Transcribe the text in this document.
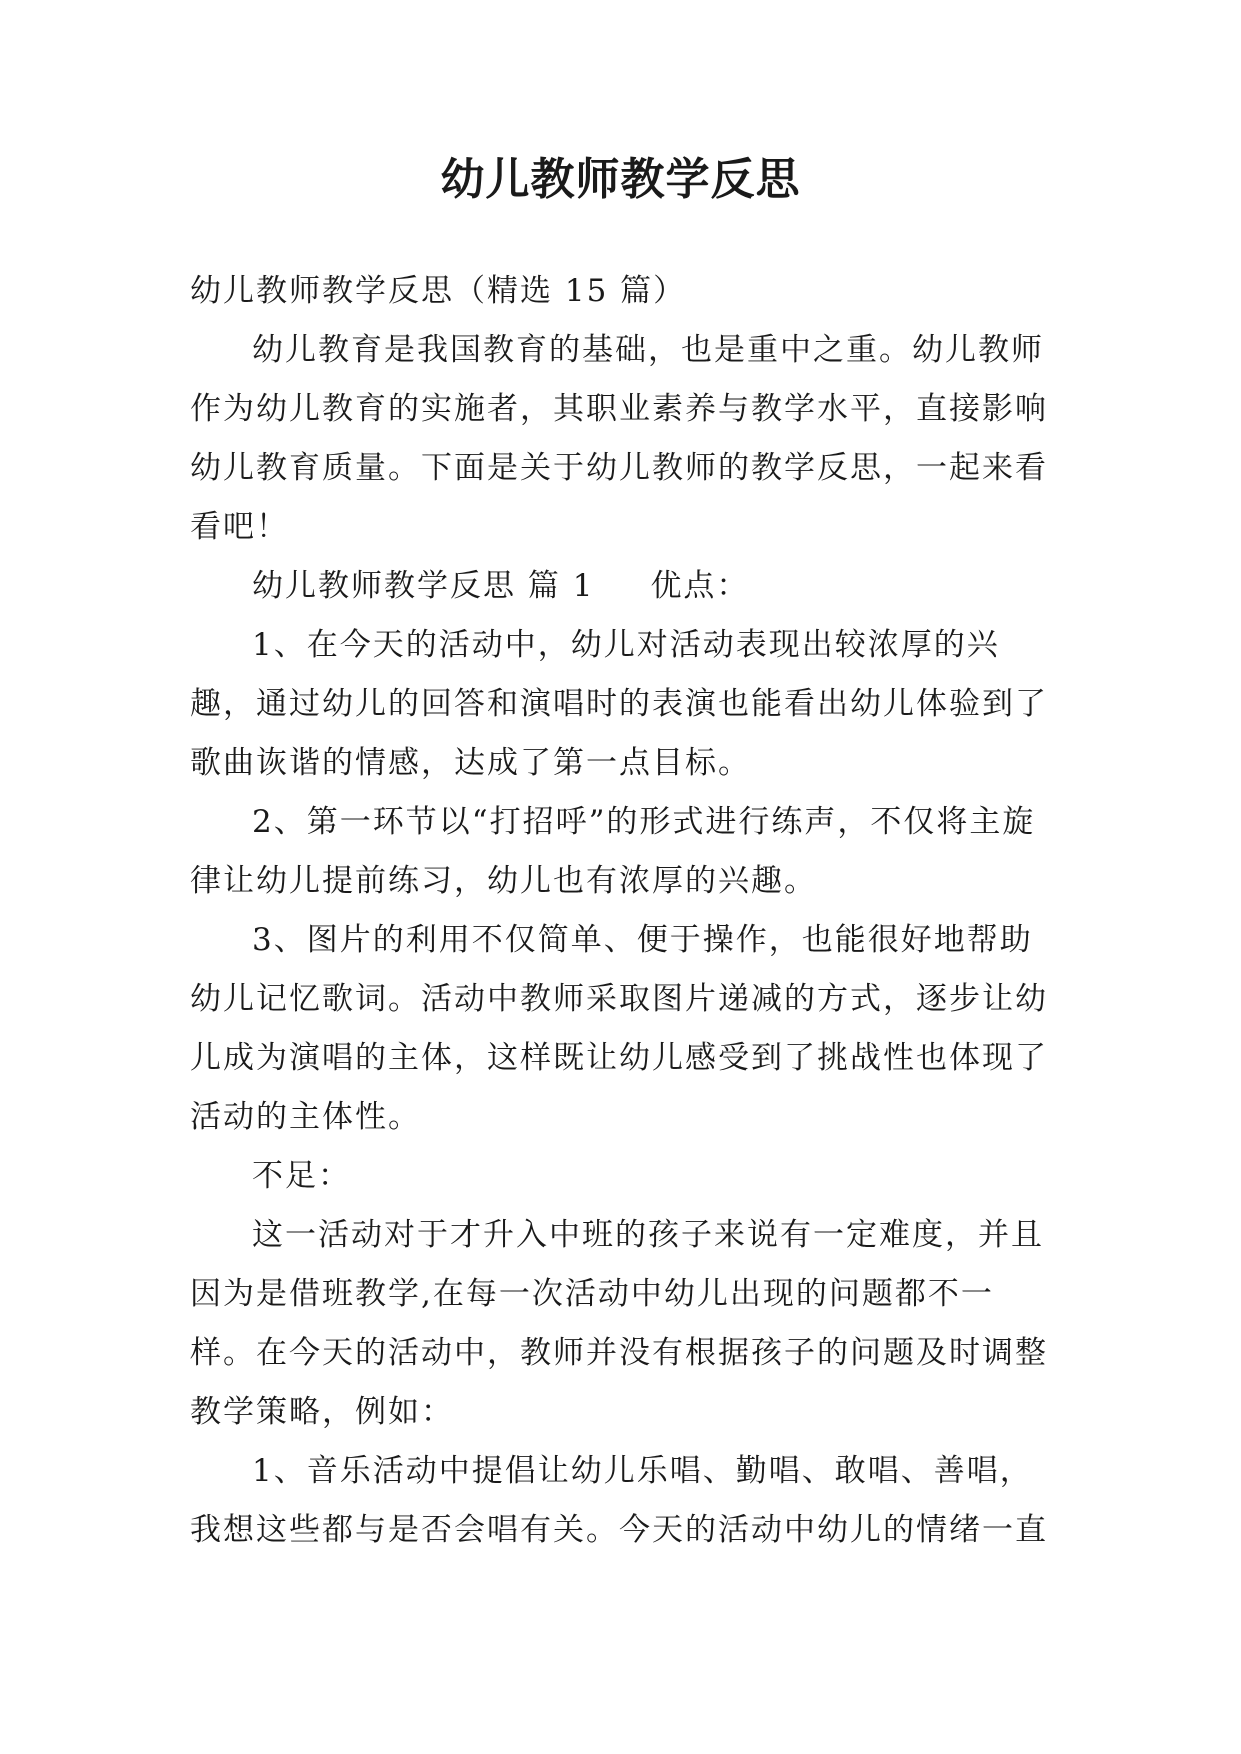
幼儿教师教学反思

幼儿教师教学反思（精选 15 篇）

幼儿教育是我国教育的基础，也是重中之重。幼儿教师作为幼儿教育的实施者，其职业素养与教学水平，直接影响幼儿教育质量。下面是关于幼儿教师的教学反思，一起来看看吧！

幼儿教师教学反思 篇 1 优点：

1、在今天的活动中，幼儿对活动表现出较浓厚的兴趣，通过幼儿的回答和演唱时的表演也能看出幼儿体验到了歌曲诙谐的情感，达成了第一点目标。

2、第一环节以“打招呼”的形式进行练声，不仅将主旋律让幼儿提前练习，幼儿也有浓厚的兴趣。

3、图片的利用不仅简单、便于操作，也能很好地帮助幼儿记忆歌词。活动中教师采取图片递减的方式，逐步让幼儿成为演唱的主体，这样既让幼儿感受到了挑战性也体现了活动的主体性。

不足：

这一活动对于才升入中班的孩子来说有一定难度，并且因为是借班教学,在每一次活动中幼儿出现的问题都不一样。在今天的活动中，教师并没有根据孩子的问题及时调整教学策略，例如：

1、音乐活动中提倡让幼儿乐唱、勤唱、敢唱、善唱，我想这些都与是否会唱有关。今天的活动中幼儿的情绪一直
